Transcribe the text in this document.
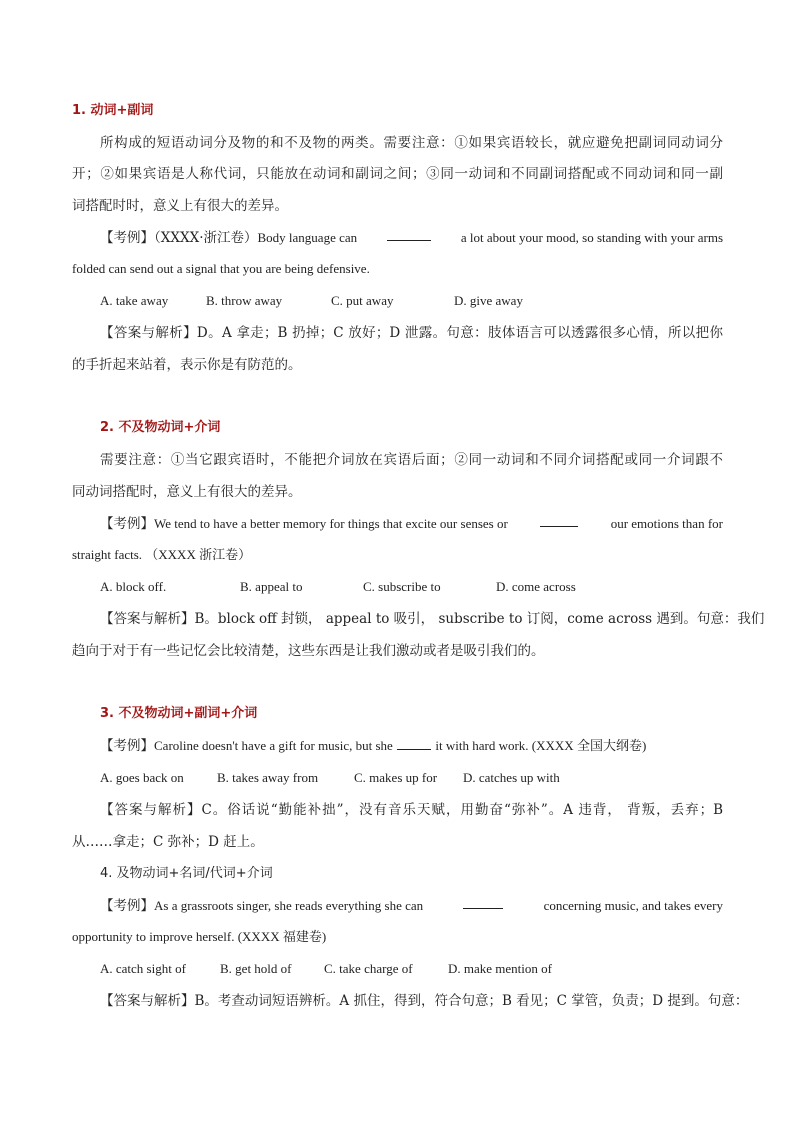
1. 动词+副词
所构成的短语动词分及物的和不及物的两类。需要注意：①如果宾语较长，就应避免把副词同动词分
开；②如果宾语是人称代词，只能放在动词和副词之间；③同一动词和不同副词搭配或不同动词和同一副
词搭配时时，意义上有很大的差异。
【考例】（XXXX·浙江卷）Body language can	a lot about your mood, so standing with your arms
folded can send out a signal that you are being defensive.
A. take away	B. throw away	C. put away	D. give away
【答案与解析】D。A 拿走；B 扔掉；C 放好；D 泄露。句意：肢体语言可以透露很多心情，所以把你
的手折起来站着，表示你是有防范的。
2. 不及物动词+介词
需要注意：①当它跟宾语时，不能把介词放在宾语后面；②同一动词和不同介词搭配或同一介词跟不
同动词搭配时，意义上有很大的差异。
【考例】We tend to have a better memory for things that excite our senses or	our emotions than for
straight facts. （XXXX 浙江卷）
A. block off.	B. appeal to	C. subscribe to	D. come across
【答案与解析】B。block off 封锁， appeal to 吸引， subscribe to 订阅，come across 遇到。句意：我们
趋向于对于有一些记忆会比较清楚，这些东西是让我们激动或者是吸引我们的。
3. 不及物动词+副词+介词
【考例】Caroline doesn't have a gift for music, but she	it with hard work. (XXXX 全国大纲卷)
A. goes back on	B. takes away from	C. makes up for D. catches up with
【答案与解析】C。俗话说“勤能补拙”，没有音乐天赋，用勤奋“弥补”。A 违背， 背叛，丢弃；B
从……拿走；C 弥补；D 赶上。
4. 及物动词+名词/代词+介词
【考例】As a grassroots singer, she reads everything she can	concerning music, and takes every
opportunity to improve herself. (XXXX 福建卷)
A. catch sight of	B. get hold of	C. take charge of	D. make mention of
【答案与解析】B。考查动词短语辨析。A 抓住，得到，符合句意；B 看见；C 掌管，负责；D 提到。句意：
